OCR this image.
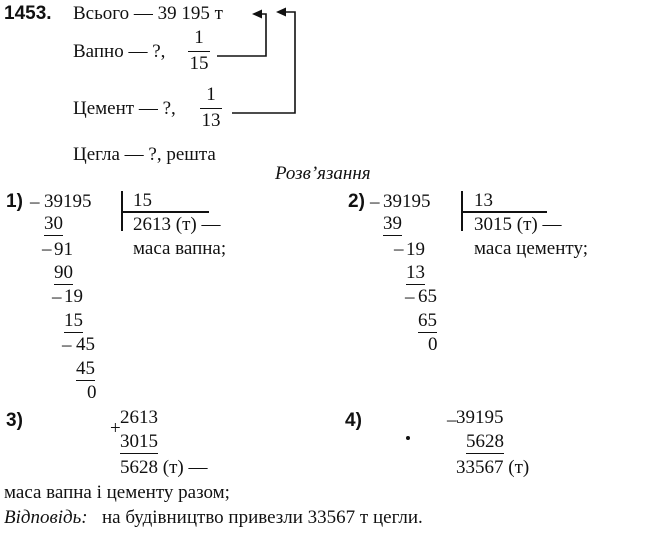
1453. Всього — 39 195 т
Вапно — ?,
1
15
Цемент — ?,
1
13
Цегла — ?, решта
Розв’язання
1) _ 39195 15
2613 (т) —
маса вапна;
30
_ 91
90
_ 19
15
_ 45
45
0
2) _ 39195 13
3015 (т) —
маса цементу;
39
_ 19
13
_ 65
65
0
3)	+
2613
3015
5628 (т) —
4)	_ 39195
5628
33567 (т)
маса вапна і цементу разом;
Відповідь: на будівництво привезли 33567 т цегли.
